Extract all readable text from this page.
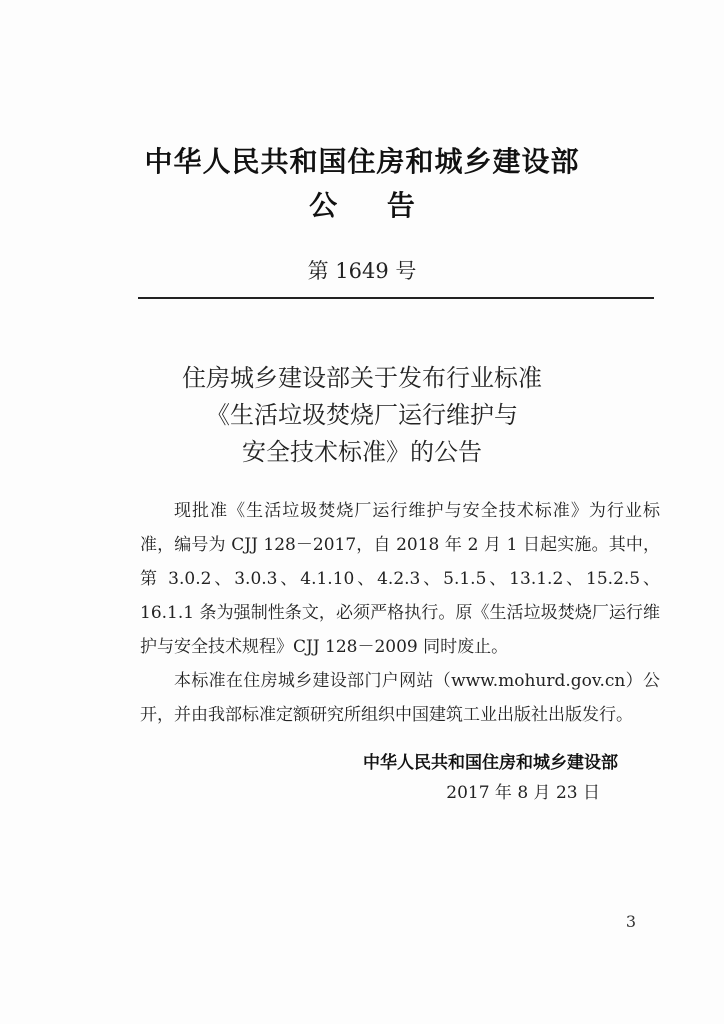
中华人民共和国住房和城乡建设部
公 告
第 1649 号
住房城乡建设部关于发布行业标准
《生活垃圾焚烧厂运行维护与
安全技术标准》的公告

现批准《生活垃圾焚烧厂运行维护与安全技术标准》为行业标准，编号为 CJJ 128－2017，自 2018 年 2 月 1 日起实施。其中，第 3.0.2、3.0.3、4.1.10、4.2.3、5.1.5、13.1.2、15.2.5、16.1.1 条为强制性条文，必须严格执行。原《生活垃圾焚烧厂运行维护与安全技术规程》CJJ 128－2009 同时废止。

本标准在住房城乡建设部门户网站（www.mohurd.gov.cn）公开，并由我部标准定额研究所组织中国建筑工业出版社出版发行。

中华人民共和国住房和城乡建设部
2017 年 8 月 23 日
3
